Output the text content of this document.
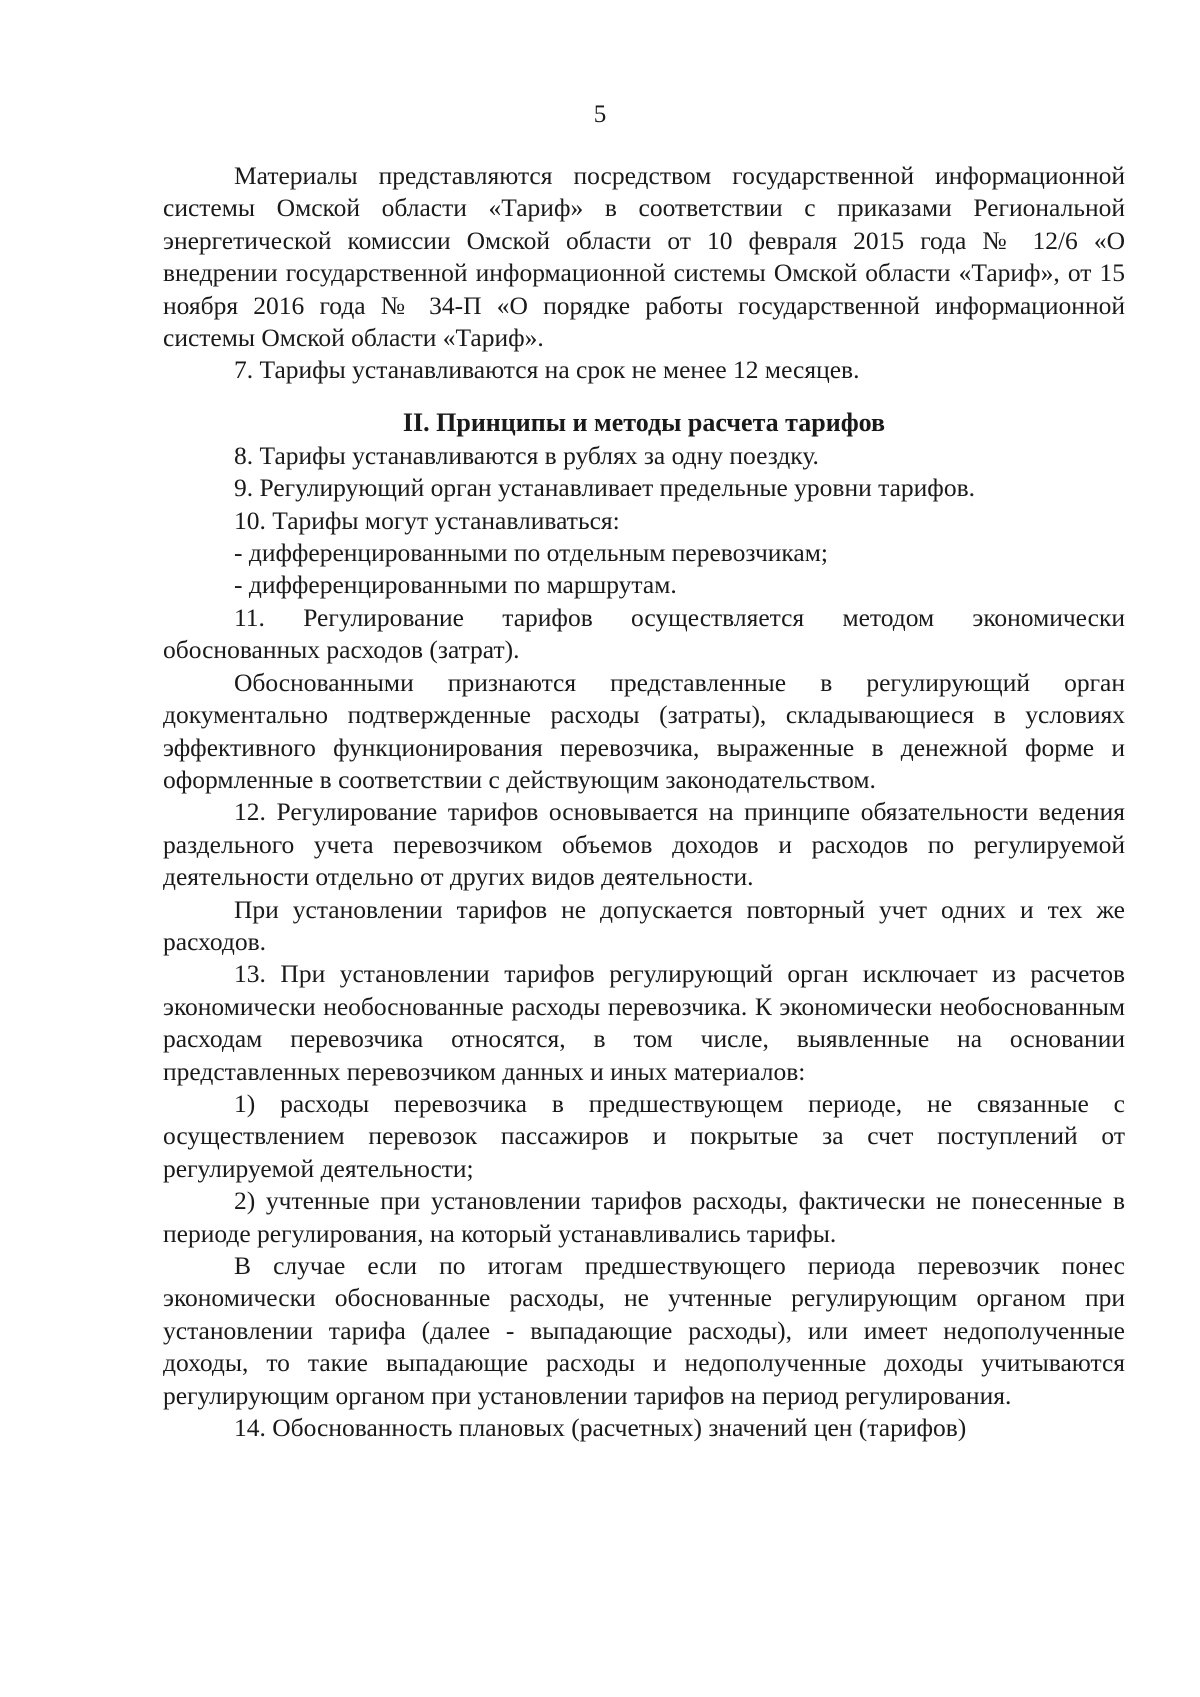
5

Материалы представляются посредством государственной информационной системы Омской области «Тариф» в соответствии с приказами Региональной энергетической комиссии Омской области от 10 февраля 2015 года № 12/6 «О внедрении государственной информационной системы Омской области «Тариф», от 15 ноября 2016 года № 34-П «О порядке работы государственной информационной системы Омской области «Тариф».

7. Тарифы устанавливаются на срок не менее 12 месяцев.

II. Принципы и методы расчета тарифов

8. Тарифы устанавливаются в рублях за одну поездку.

9. Регулирующий орган устанавливает предельные уровни тарифов.

10. Тарифы могут устанавливаться:

- дифференцированными по отдельным перевозчикам;

- дифференцированными по маршрутам.

11. Регулирование тарифов осуществляется методом экономически обоснованных расходов (затрат).

Обоснованными признаются представленные в регулирующий орган документально подтвержденные расходы (затраты), складывающиеся в условиях эффективного функционирования перевозчика, выраженные в денежной форме и оформленные в соответствии с действующим законодательством.

12. Регулирование тарифов основывается на принципе обязательности ведения раздельного учета перевозчиком объемов доходов и расходов по регулируемой деятельности отдельно от других видов деятельности.

При установлении тарифов не допускается повторный учет одних и тех же расходов.

13. При установлении тарифов регулирующий орган исключает из расчетов экономически необоснованные расходы перевозчика. К экономически необоснованным расходам перевозчика относятся, в том числе, выявленные на основании представленных перевозчиком данных и иных материалов:

1) расходы перевозчика в предшествующем периоде, не связанные с осуществлением перевозок пассажиров и покрытые за счет поступлений от регулируемой деятельности;

2) учтенные при установлении тарифов расходы, фактически не понесенные в периоде регулирования, на который устанавливались тарифы.

В случае если по итогам предшествующего периода перевозчик понес экономически обоснованные расходы, не учтенные регулирующим органом при установлении тарифа (далее - выпадающие расходы), или имеет недополученные доходы, то такие выпадающие расходы и недополученные доходы учитываются регулирующим органом при установлении тарифов на период регулирования.

14. Обоснованность плановых (расчетных) значений цен (тарифов)
